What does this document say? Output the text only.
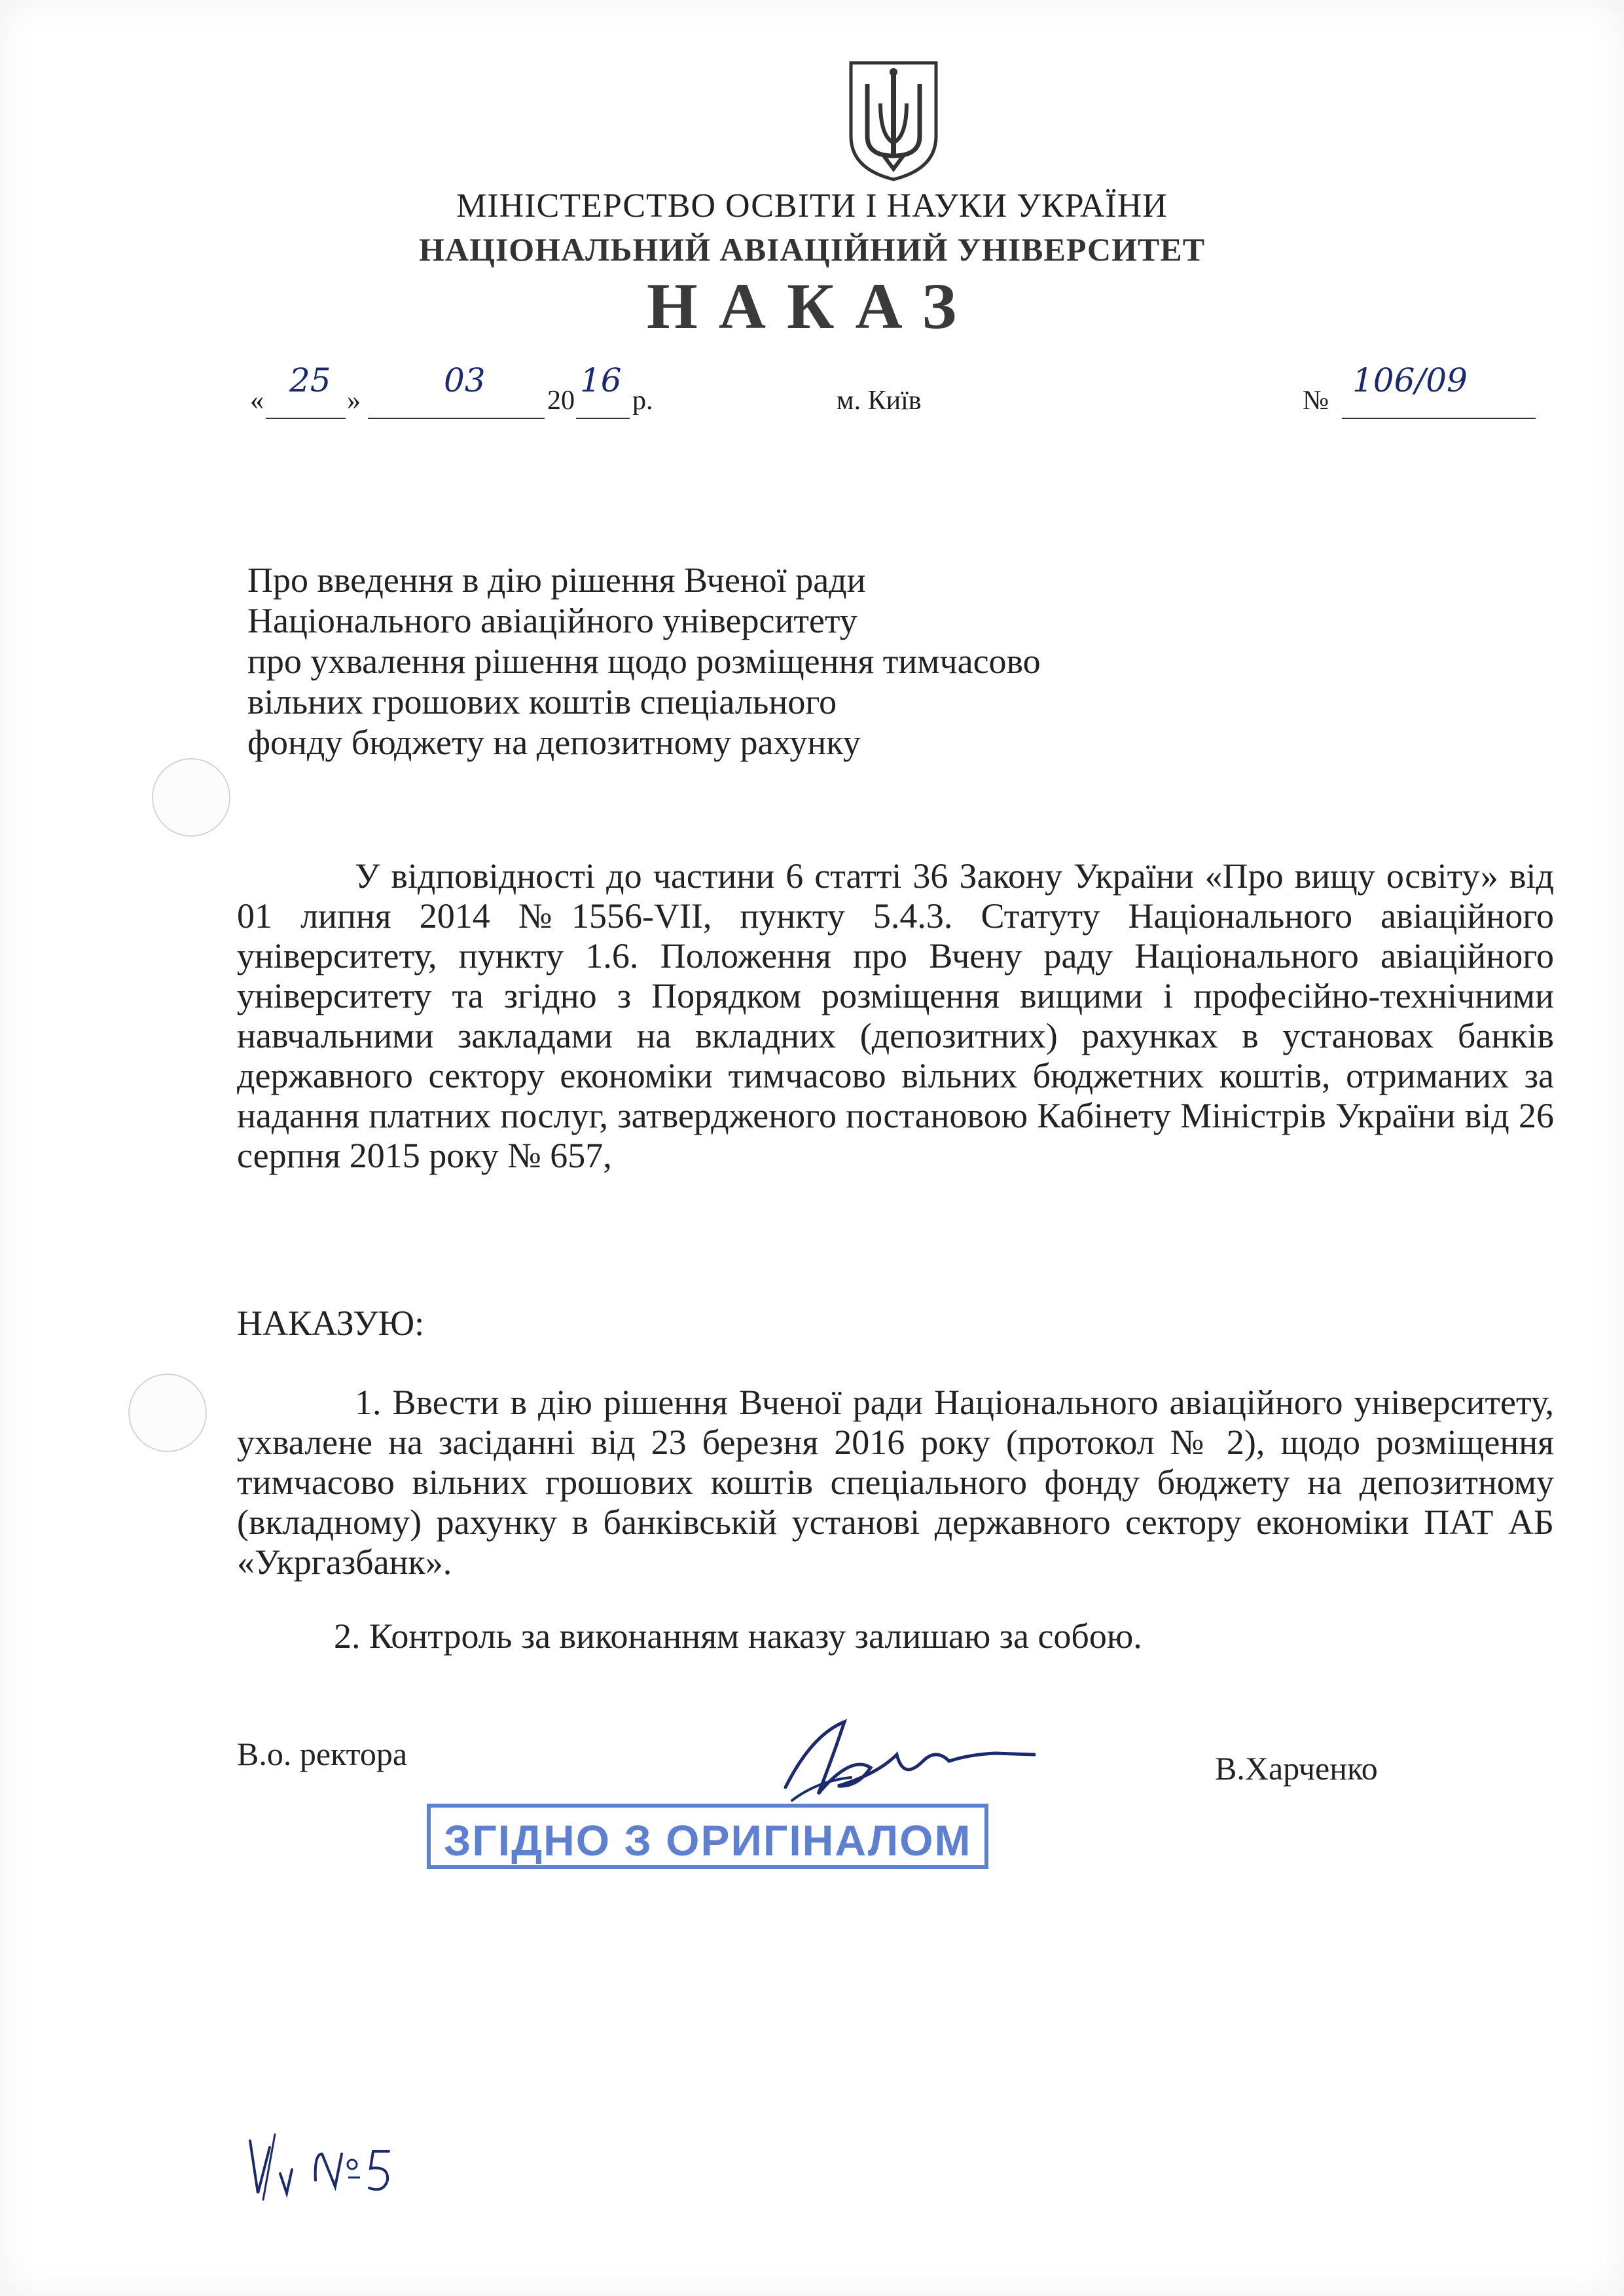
МІНІСТЕРСТВО ОСВІТИ І НАУКИ УКРАЇНИ
НАЦІОНАЛЬНИЙ АВІАЦІЙНИЙ УНІВЕРСИТЕТ
НАКАЗ
«
25
»
03
20
16
р.	м. Київ	№
106/09
Про введення в дію рішення Вченої ради
Національного авіаційного університету
про ухвалення рішення щодо розміщення тимчасово
вільних грошових коштів спеціального
фонду бюджету на депозитному рахунку
У відповідності до частини 6 статті 36 Закону України «Про вищу освіту» від 01 липня 2014 №1556-VII, пункту 5.4.3. Статуту Національного авіаційного університету, пункту 1.6. Положення про Вчену раду Національного авіаційного університету та згідно з Порядком розміщення вищими і професійно-технічними навчальними закладами на вкладних (депозитних) рахунках в установах банків державного сектору економіки тимчасово вільних бюджетних коштів, отриманих за надання платних послуг, затвердженого постановою Кабінету Міністрів України від 26 серпня 2015 року № 657,
НАКАЗУЮ:
1. Ввести в дію рішення Вченої ради Національного авіаційного університету, ухвалене на засіданні від 23 березня 2016 року (протокол № 2), щодо розміщення тимчасово вільних грошових коштів спеціального фонду бюджету на депозитному (вкладному) рахунку в банківській установі державного сектору економіки ПАТ АБ «Укргазбанк».
2. Контроль за виконанням наказу залишаю за собою.
В.о. ректора	В.Харченко
ЗГІДНО З ОРИГІНАЛОМ
